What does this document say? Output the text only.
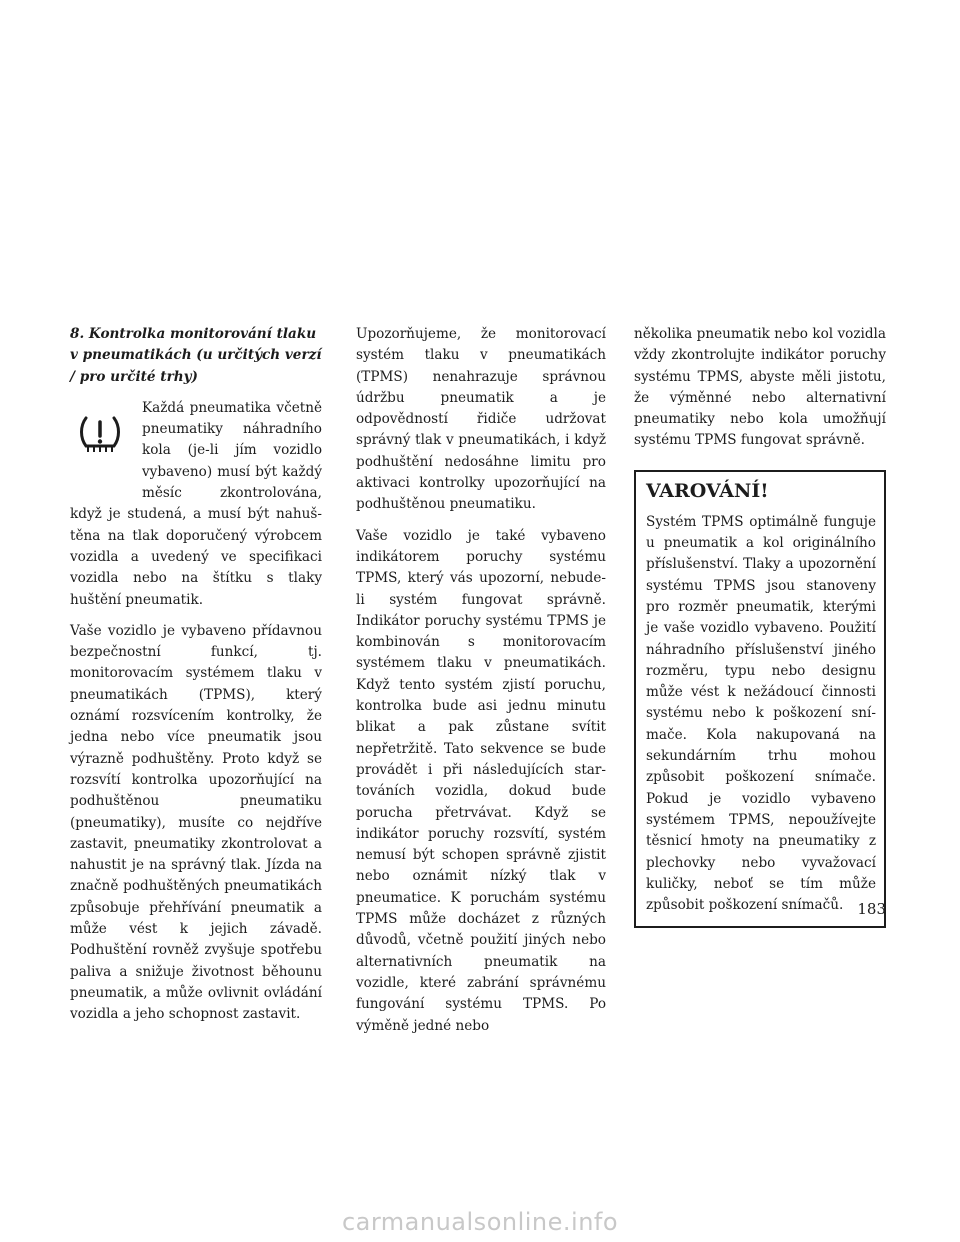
8. Kontrolka monitorování tlaku v pneumatikách (u určitých verzí / pro určité trhy)

Každá pneumatika včetně pneumatiky náhradního kola (je-li jím vozidlo vybaveno) musí být každý měsíc zkontrolována, když je studená, a musí být nahuštěna na tlak doporučený výrobcem vozidla a uvedený ve specifikaci vozidla nebo na štítku s tlaky huštění pneumatik.

Vaše vozidlo je vybaveno přídavnou bezpečnostní funkcí, tj. monitorovacím systémem tlaku v pneumatikách (TPMS), který oznámí rozsvícením kontrolky, že jedna nebo více pneumatik jsou výrazně podhuštěny. Proto když se rozsvítí kontrolka upozorňující na podhuštěnou pneumatiku (pneumatiky), musíte co nejdříve zastavit, pneumatiky zkontrolovat a nahustit je na správný tlak. Jízda na značně podhuštěných pneumatikách způsobuje přehřívání pneumatik a může vést k jejich závadě. Podhuštění rovněž zvyšuje spotřebu paliva a snižuje životnost běhounu pneumatik, a může ovlivnit ovládání vozidla a jeho schopnost zastavit.

Upozorňujeme, že monitorovací systém tlaku v pneumatikách (TPMS) nenahrazuje správnou údržbu pneumatik a je odpovědností řidiče udržovat správný tlak v pneumatikách, i když podhuštění nedosáhne limitu pro aktivaci kontrolky upozorňující na podhuštěnou pneumatiku.

Vaše vozidlo je také vybaveno indikátorem poruchy systému TPMS, který vás upozorní, nebude-li systém fungovat správně. Indikátor poruchy systému TPMS je kombinován s monitorovacím systémem tlaku v pneumatikách. Když tento systém zjistí poruchu, kontrolka bude asi jednu minutu blikat a pak zůstane svítit nepřetržitě. Tato sekvence se bude provádět i při následujících startováních vozidla, dokud bude porucha přetrvávat. Když se indikátor poruchy rozsvítí, systém nemusí být schopen správně zjistit nebo oznámit nízký tlak v pneumatice. K poruchám systému TPMS může docházet z různých důvodů, včetně použití jiných nebo alternativních pneumatik na vozidle, které zabrání správnému fungování systému TPMS. Po výměně jedné nebo

několika pneumatik nebo kol vozidla vždy zkontrolujte indikátor poruchy systému TPMS, abyste měli jistotu, že výměnné nebo alternativní pneumatiky nebo kola umožňují systému TPMS fungovat správně.

VAROVÁNÍ!

Systém TPMS optimálně funguje u pneumatik a kol originálního příslušenství. Tlaky a upozornění systému TPMS jsou stanoveny pro rozměr pneumatik, kterými je vaše vozidlo vybaveno. Použití náhradního příslušenství jiného rozměru, typu nebo designu může vést k nežádoucí činnosti systému nebo k poškození snímače. Kola nakupovaná na sekundárním trhu mohou způsobit poškození snímače. Pokud je vozidlo vybaveno systémem TPMS, nepoužívejte těsnicí hmoty na pneumatiky z plechovky nebo vyvažovací kuličky, neboť se tím může způsobit poškození snímačů. 183
carmanualsonline.info
